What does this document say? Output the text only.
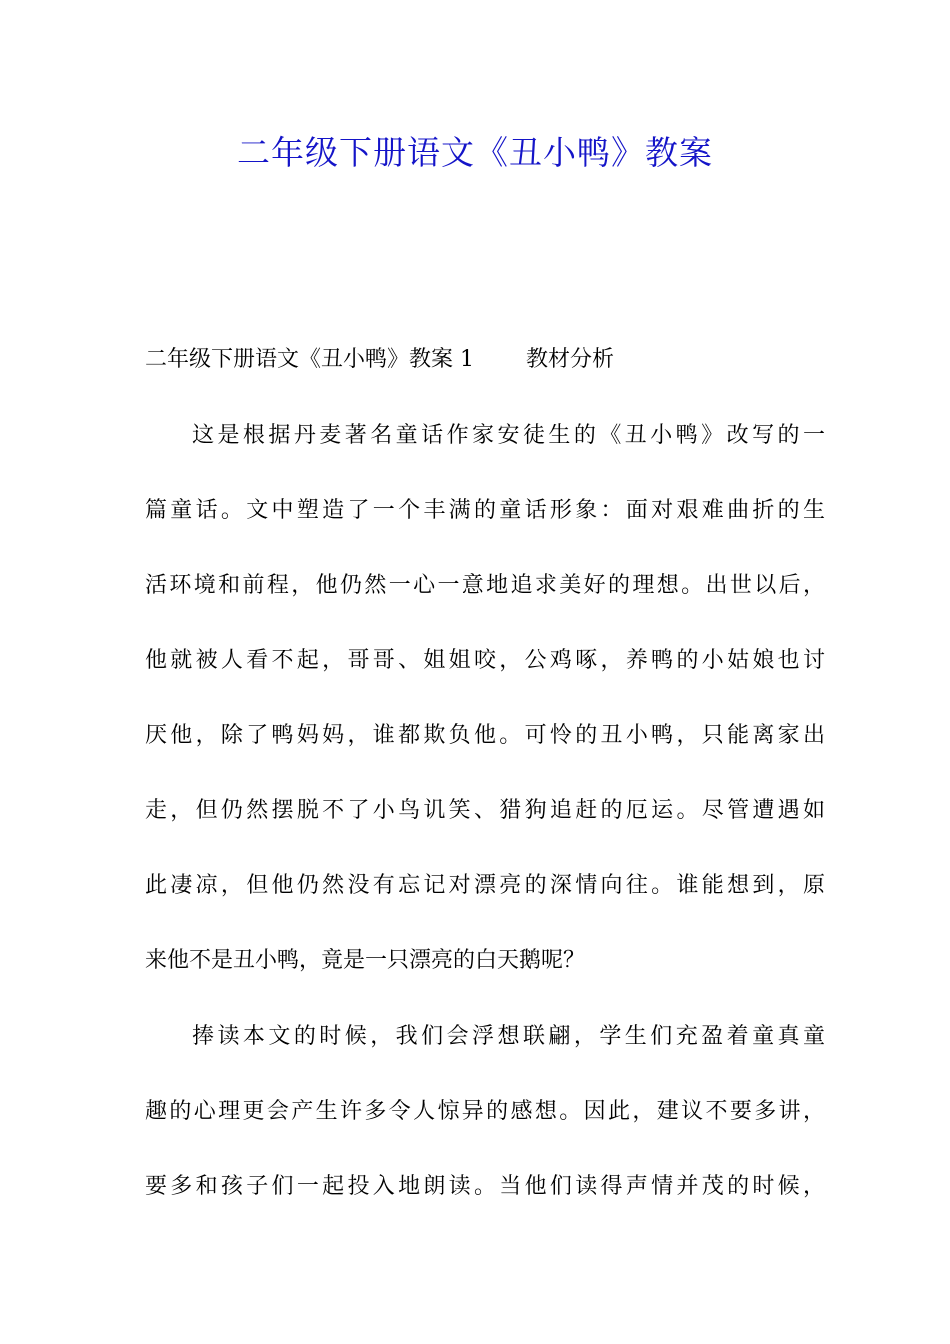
二年级下册语文《丑小鸭》教案
二年级下册语文《丑小鸭》教案 1 教材分析
这是根据丹麦著名童话作家安徒生的《丑小鸭》改写的一
篇童话。文中塑造了一个丰满的童话形象：面对艰难曲折的生
活环境和前程，他仍然一心一意地追求美好的理想。出世以后，
他就被人看不起，哥哥、姐姐咬，公鸡啄，养鸭的小姑娘也讨
厌他，除了鸭妈妈，谁都欺负他。可怜的丑小鸭，只能离家出
走，但仍然摆脱不了小鸟讥笑、猎狗追赶的厄运。尽管遭遇如
此凄凉，但他仍然没有忘记对漂亮的深情向往。谁能想到，原
来他不是丑小鸭，竟是一只漂亮的白天鹅呢？
捧读本文的时候，我们会浮想联翩，学生们充盈着童真童
趣的心理更会产生许多令人惊异的感想。因此，建议不要多讲，
要多和孩子们一起投入地朗读。当他们读得声情并茂的时候，
